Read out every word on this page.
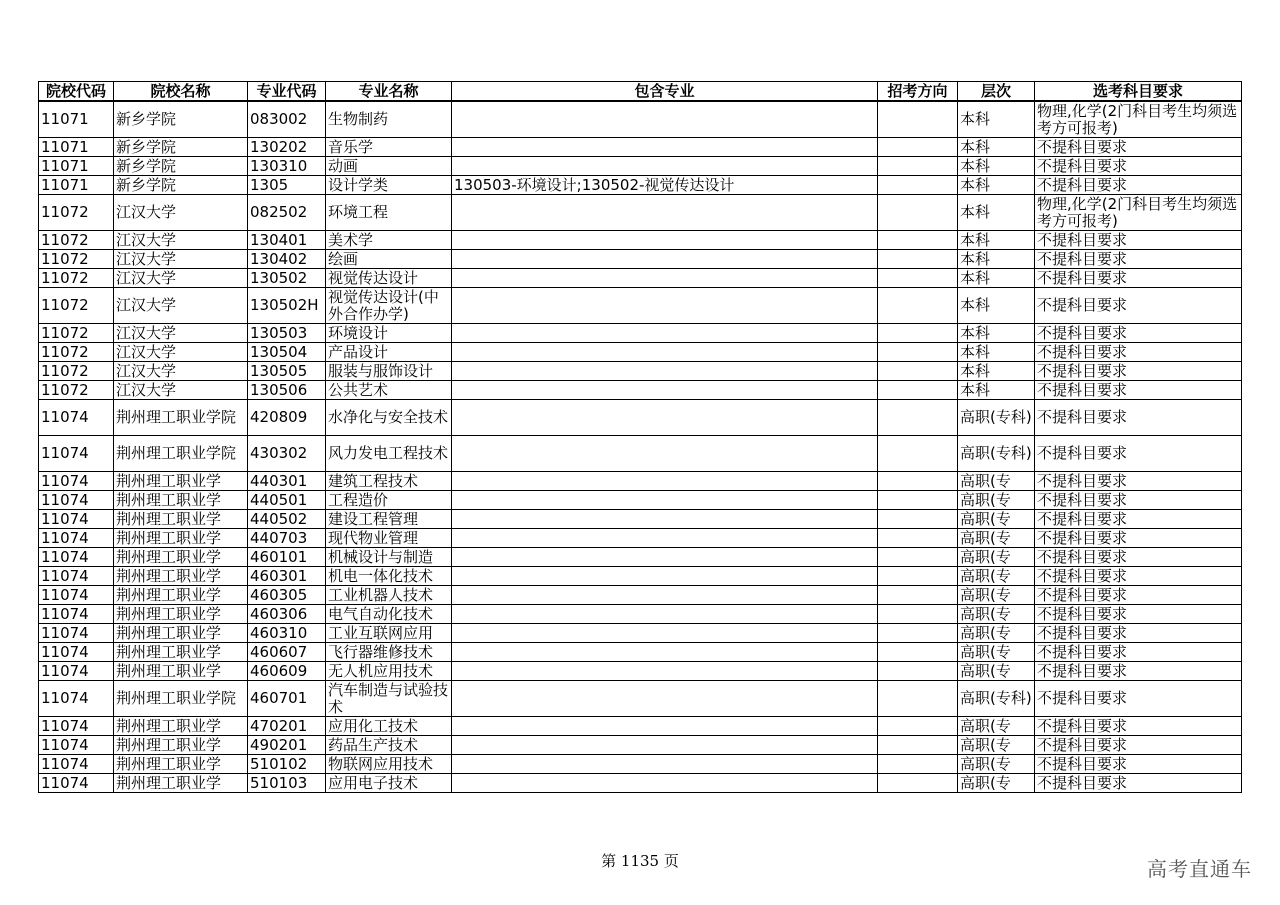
院校代码	院校名称	专业代码	专业名称	包含专业	招考方向	层次	选考科目要求
11071	新乡学院	083002	生物制药			本科	物理,化学(2门科目考生均须选考方可报考)
11071	新乡学院	130202	音乐学			本科	不提科目要求
11071	新乡学院	130310	动画			本科	不提科目要求
11071	新乡学院	1305	设计学类	130503-环境设计;130502-视觉传达设计		本科	不提科目要求
11072	江汉大学	082502	环境工程			本科	物理,化学(2门科目考生均须选考方可报考)
11072	江汉大学	130401	美术学			本科	不提科目要求
11072	江汉大学	130402	绘画			本科	不提科目要求
11072	江汉大学	130502	视觉传达设计			本科	不提科目要求
11072	江汉大学	130502H	视觉传达设计(中外合作办学)			本科	不提科目要求
11072	江汉大学	130503	环境设计			本科	不提科目要求
11072	江汉大学	130504	产品设计			本科	不提科目要求
11072	江汉大学	130505	服装与服饰设计			本科	不提科目要求
11072	江汉大学	130506	公共艺术			本科	不提科目要求
11074	荆州理工职业学院	420809	水净化与安全技术			高职(专科)	不提科目要求
11074	荆州理工职业学院	430302	风力发电工程技术			高职(专科)	不提科目要求
11074	荆州理工职业学	440301	建筑工程技术			高职(专	不提科目要求
11074	荆州理工职业学	440501	工程造价			高职(专	不提科目要求
11074	荆州理工职业学	440502	建设工程管理			高职(专	不提科目要求
11074	荆州理工职业学	440703	现代物业管理			高职(专	不提科目要求
11074	荆州理工职业学	460101	机械设计与制造			高职(专	不提科目要求
11074	荆州理工职业学	460301	机电一体化技术			高职(专	不提科目要求
11074	荆州理工职业学	460305	工业机器人技术			高职(专	不提科目要求
11074	荆州理工职业学	460306	电气自动化技术			高职(专	不提科目要求
11074	荆州理工职业学	460310	工业互联网应用			高职(专	不提科目要求
11074	荆州理工职业学	460607	飞行器维修技术			高职(专	不提科目要求
11074	荆州理工职业学	460609	无人机应用技术			高职(专	不提科目要求
11074	荆州理工职业学院	460701	汽车制造与试验技术			高职(专科)	不提科目要求
11074	荆州理工职业学	470201	应用化工技术			高职(专	不提科目要求
11074	荆州理工职业学	490201	药品生产技术			高职(专	不提科目要求
11074	荆州理工职业学	510102	物联网应用技术			高职(专	不提科目要求
11074	荆州理工职业学	510103	应用电子技术			高职(专	不提科目要求
第 1135 页	高考直通车
